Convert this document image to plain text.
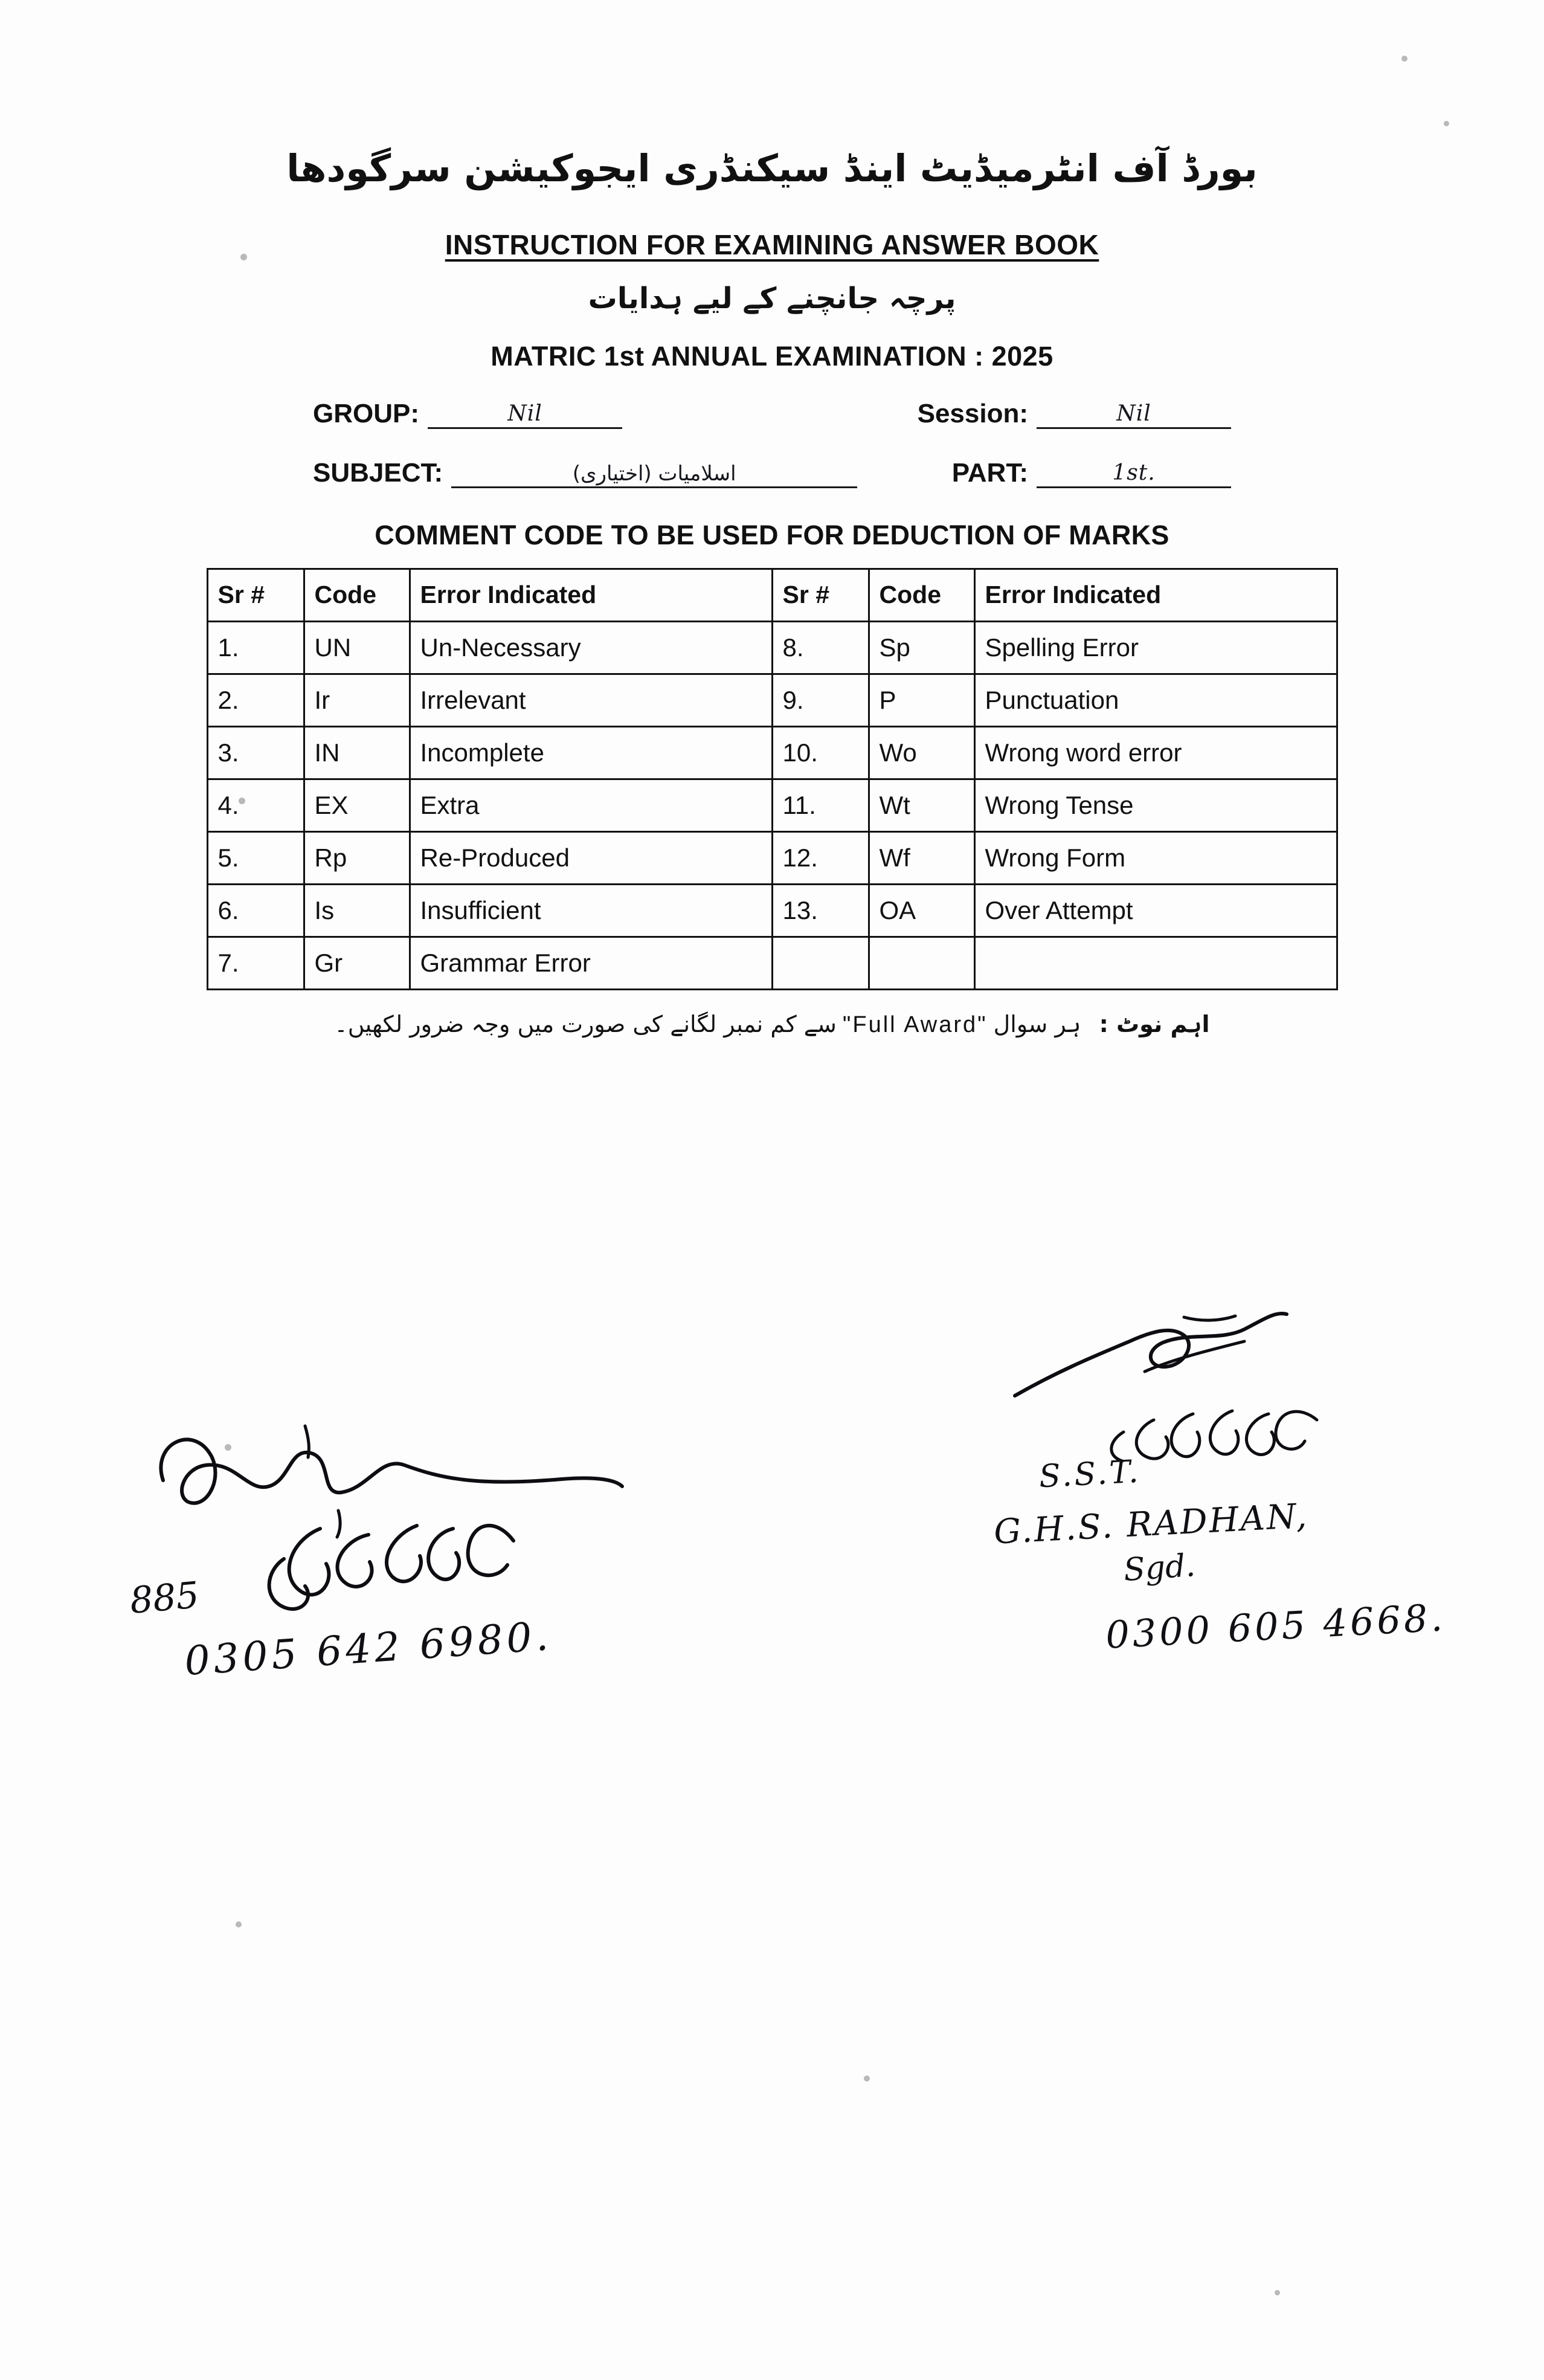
بورڈ آف انٹرمیڈیٹ اینڈ سیکنڈری ایجوکیشن سرگودھا
INSTRUCTION FOR EXAMINING ANSWER BOOK
پرچہ جانچنے کے لیے ہدایات
MATRIC 1st ANNUAL EXAMINATION : 2025
GROUP:	Nil	Session:	Nil
SUBJECT:	اسلامیات (اختیاری)	PART:	1st.
COMMENT CODE TO BE USED FOR DEDUCTION OF MARKS
Sr #	Code	Error Indicated	Sr #	Code	Error Indicated
1.	UN	Un-Necessary	8.	Sp	Spelling Error
2.	Ir	Irrelevant	9.	P	Punctuation
3.	IN	Incomplete	10.	Wo	Wrong word error
4.	EX	Extra	11.	Wt	Wrong Tense
5.	Rp	Re-Produced	12.	Wf	Wrong Form
6.	Is	Insufficient	13.	OA	Over Attempt
7.	Gr	Grammar Error			
اہم نوٹ :
ہر سوال
"Full Award"
سے کم نمبر لگانے کی صورت میں وجہ ضرور لکھیں۔
885
0305 642 6980.
S.S.T.
G.H.S. RADHAN,
Sgd.
0300 605 4668.
